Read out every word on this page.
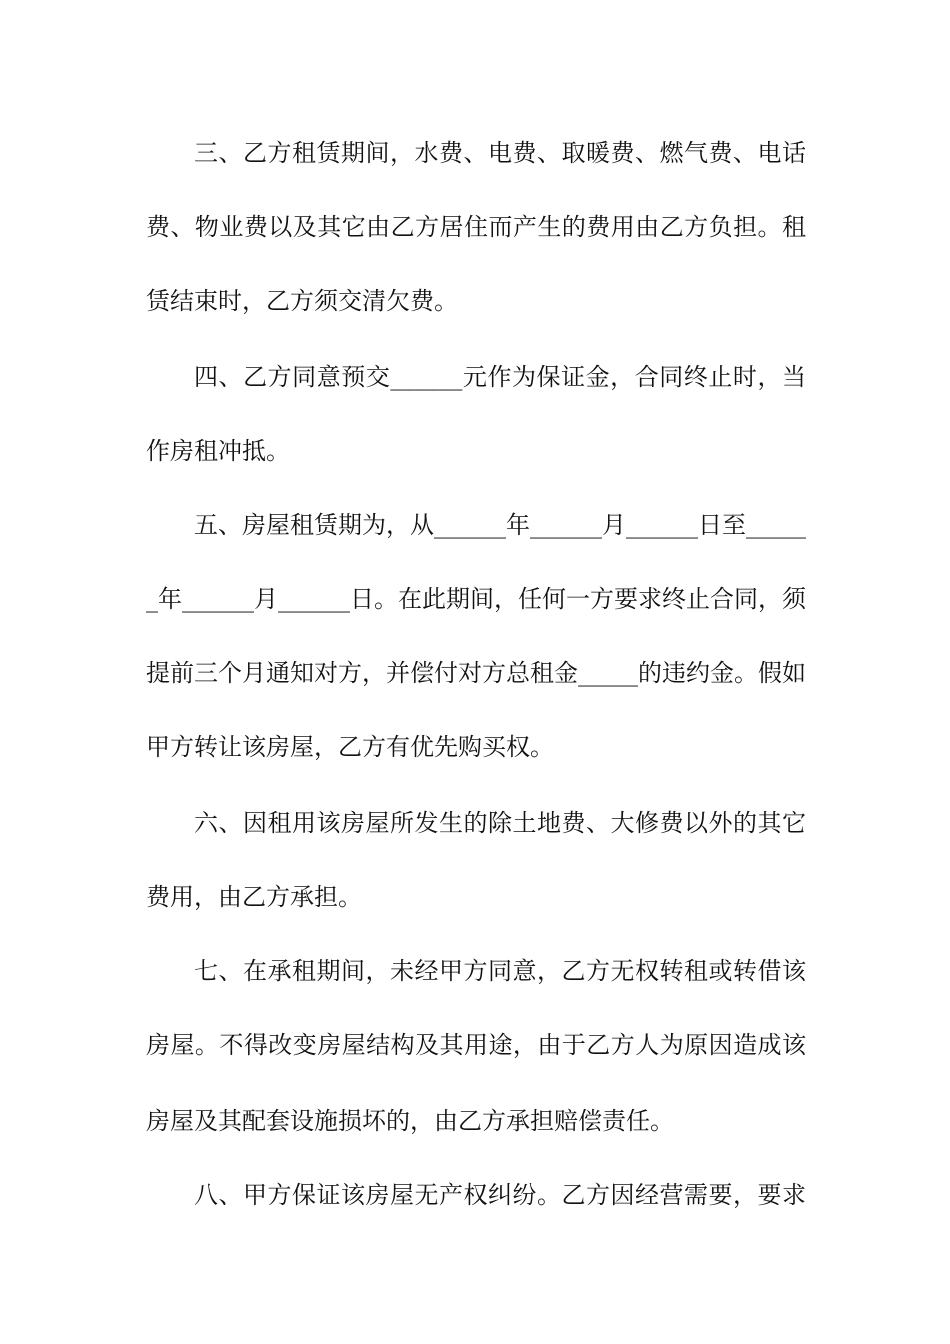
三、乙方租赁期间，水费、电费、取暖费、燃气费、电话
费、物业费以及其它由乙方居住而产生的费用由乙方负担。租
赁结束时，乙方须交清欠费。
四、乙方同意预交______元作为保证金，合同终止时，当
作房租冲抵。
五、房屋租赁期为，从______年______月______日至_____
_年______月______日。在此期间，任何一方要求终止合同，须
提前三个月通知对方，并偿付对方总租金_____的违约金。假如
甲方转让该房屋，乙方有优先购买权。
六、因租用该房屋所发生的除土地费、大修费以外的其它
费用，由乙方承担。
七、在承租期间，未经甲方同意，乙方无权转租或转借该
房屋。不得改变房屋结构及其用途，由于乙方人为原因造成该
房屋及其配套设施损坏的，由乙方承担赔偿责任。
八、甲方保证该房屋无产权纠纷。乙方因经营需要，要求
